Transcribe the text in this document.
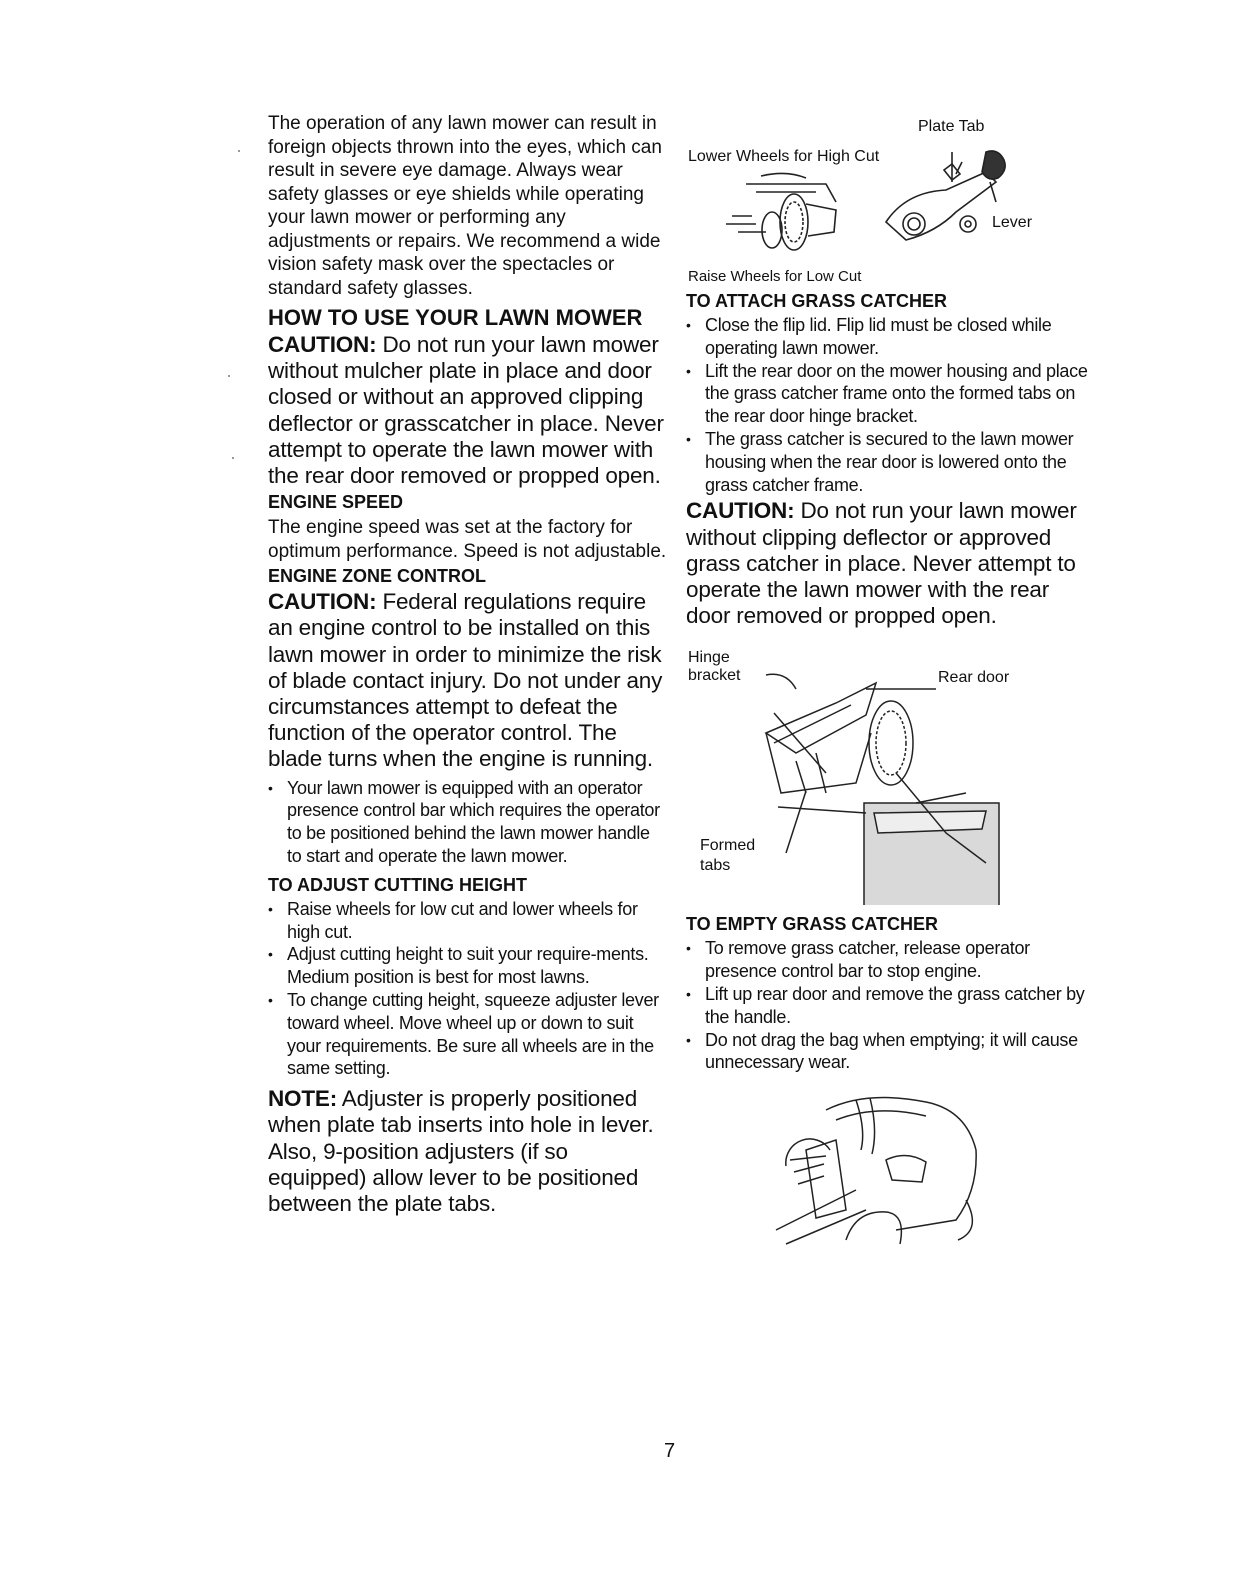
The operation of any lawn mower can result in foreign objects thrown into the eyes, which can result in severe eye damage. Always wear safety glasses or eye shields while operating your lawn mower or performing any adjustments or repairs. We recommend a wide vision safety mask over the spectacles or standard safety glasses.

HOW TO USE YOUR LAWN MOWER

CAUTION: Do not run your lawn mower without mulcher plate in place and door closed or without an approved clipping deflector or grasscatcher in place. Never attempt to operate the lawn mower with the rear door removed or propped open.

ENGINE SPEED

The engine speed was set at the factory for optimum performance. Speed is not adjustable.

ENGINE ZONE CONTROL

CAUTION: Federal regulations require an engine control to be installed on this lawn mower in order to minimize the risk of blade contact injury. Do not under any circumstances attempt to defeat the function of the operator control. The blade turns when the engine is running.

• Your lawn mower is equipped with an operator presence control bar which requires the operator to be positioned behind the lawn mower handle to start and operate the lawn mower.
TO ADJUST CUTTING HEIGHT
• Raise wheels for low cut and lower wheels for high cut.
• Adjust cutting height to suit your require-ments. Medium position is best for most lawns.
• To change cutting height, squeeze adjuster lever toward wheel. Move wheel up or down to suit your requirements. Be sure all wheels are in the same setting.

NOTE: Adjuster is properly positioned when plate tab inserts into hole in lever. Also, 9-position adjusters (if so equipped) allow lever to be positioned between the plate tabs.

Plate Tab
Lower Wheels for High Cut
Lever
Raise Wheels for Low Cut
TO ATTACH GRASS CATCHER
• Close the flip lid. Flip lid must be closed while operating lawn mower.
• Lift the rear door on the mower housing and place the grass catcher frame onto the formed tabs on the rear door hinge bracket.
• The grass catcher is secured to the lawn mower housing when the rear door is lowered onto the grass catcher frame.

CAUTION: Do not run your lawn mower without clipping deflector or approved grass catcher in place. Never attempt to operate the lawn mower with the rear door removed or propped open.

Hinge
bracket	Rear door
Formed
tabs
TO EMPTY GRASS CATCHER
• To remove grass catcher, release operator presence control bar to stop engine.
• Lift up rear door and remove the grass catcher by the handle.
• Do not drag the bag when emptying; it will cause unnecessary wear.
7
